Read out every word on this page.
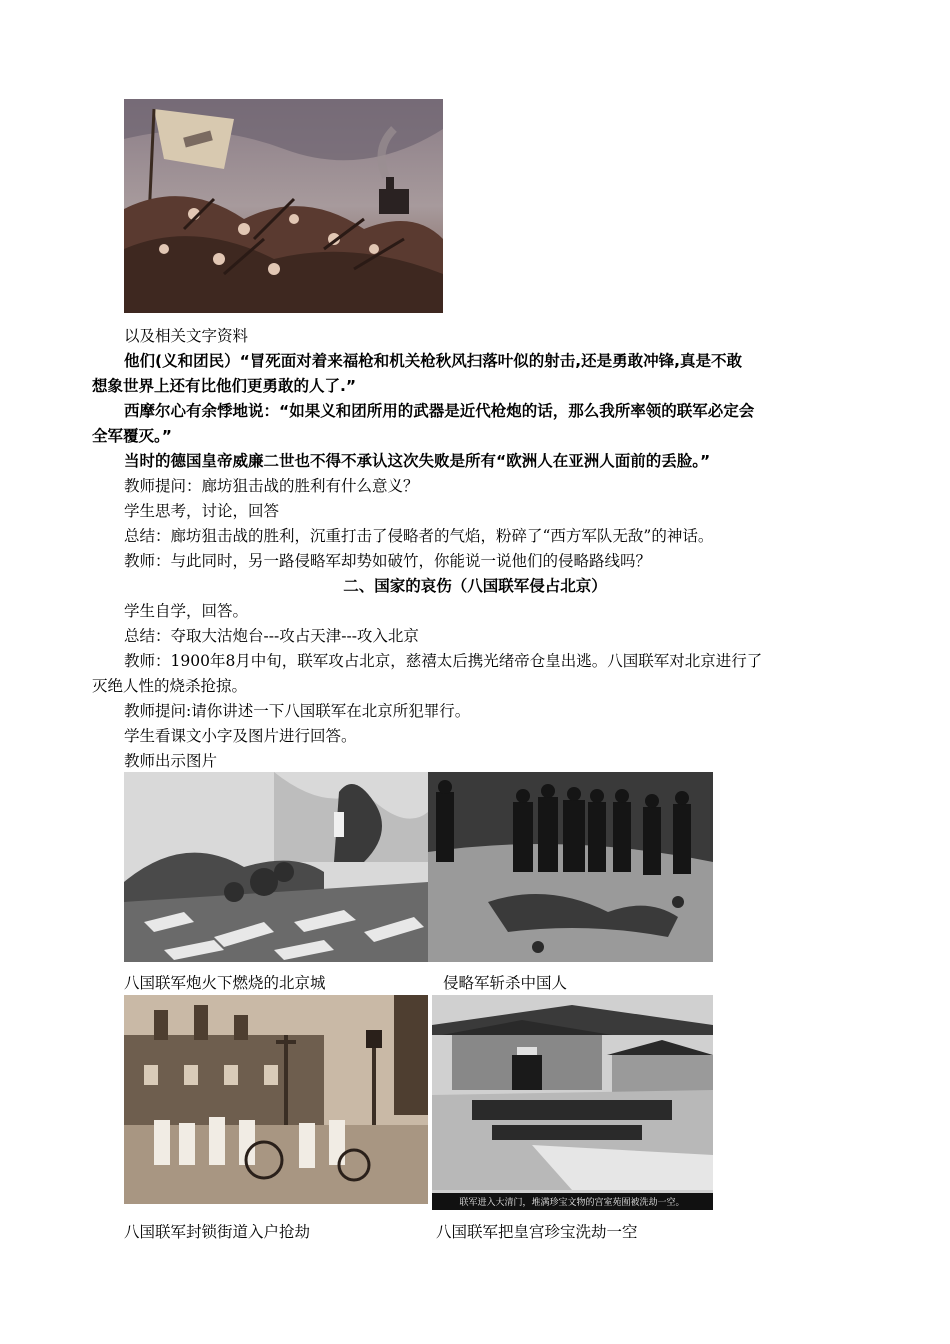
以及相关文字资料
他们(义和团民）“冒死面对着来福枪和机关枪秋风扫落叶似的射击,还是勇敢冲锋,真是不敢
想象世界上还有比他们更勇敢的人了.”
西摩尔心有余悸地说：“如果义和团所用的武器是近代枪炮的话，那么我所率领的联军必定会
全军覆灭。”
当时的德国皇帝威廉二世也不得不承认这次失败是所有“欧洲人在亚洲人面前的丢脸。”
教师提问：廊坊狙击战的胜利有什么意义？
学生思考，讨论，回答
总结：廊坊狙击战的胜利，沉重打击了侵略者的气焰，粉碎了“西方军队无敌”的神话。
教师：与此同时，另一路侵略军却势如破竹，你能说一说他们的侵略路线吗？
二、国家的哀伤（八国联军侵占北京）
学生自学，回答。
总结：夺取大沽炮台---攻占天津---攻入北京
教师：1900年8月中旬，联军攻占北京，慈禧太后携光绪帝仓皇出逃。八国联军对北京进行了
灭绝人性的烧杀抢掠。
教师提问:请你讲述一下八国联军在北京所犯罪行。
学生看课文小字及图片进行回答。
教师出示图片
八国联军炮火下燃烧的北京城	侵略军斩杀中国人
联军进入大清门，堆满珍宝文物的宫室苑囿被洗劫一空。
八国联军封锁街道入户抢劫	八国联军把皇宫珍宝洗劫一空
